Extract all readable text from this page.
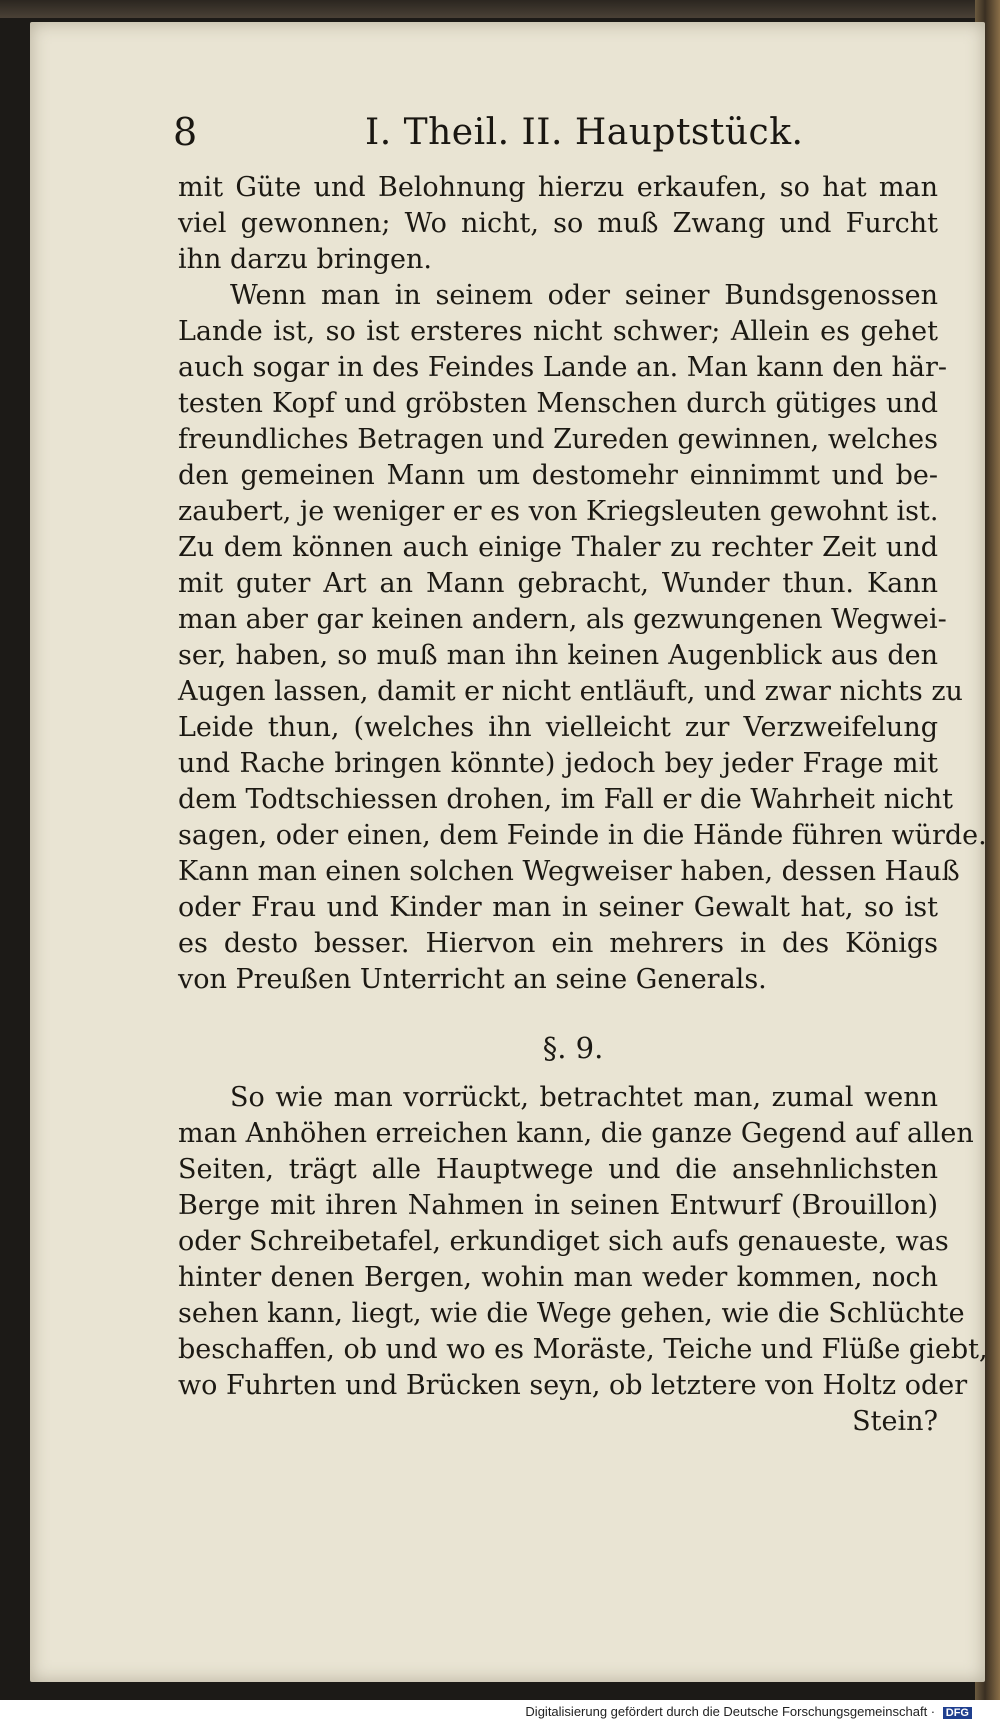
8	I. Theil. II. Hauptstück.
mit Güte und Belohnung hierzu erkaufen, so hat man
viel gewonnen; Wo nicht, so muß Zwang und Furcht
ihn darzu bringen.
Wenn man in seinem oder seiner Bundsgenossen
Lande ist, so ist ersteres nicht schwer; Allein es gehet
auch sogar in des Feindes Lande an. Man kann den här-
testen Kopf und gröbsten Menschen durch gütiges und
freundliches Betragen und Zureden gewinnen, welches
den gemeinen Mann um destomehr einnimmt und be-
zaubert, je weniger er es von Kriegsleuten gewohnt ist.
Zu dem können auch einige Thaler zu rechter Zeit und
mit guter Art an Mann gebracht, Wunder thun. Kann
man aber gar keinen andern, als gezwungenen Wegwei-
ser, haben, so muß man ihn keinen Augenblick aus den
Augen lassen, damit er nicht entläuft, und zwar nichts zu
Leide thun, (welches ihn vielleicht zur Verzweifelung
und Rache bringen könnte) jedoch bey jeder Frage mit
dem Todtschiessen drohen, im Fall er die Wahrheit nicht
sagen, oder einen, dem Feinde in die Hände führen würde.
Kann man einen solchen Wegweiser haben, dessen Hauß
oder Frau und Kinder man in seiner Gewalt hat, so ist
es desto besser. Hiervon ein mehrers in des Königs
von Preußen Unterricht an seine Generals.
§. 9.
So wie man vorrückt, betrachtet man, zumal wenn
man Anhöhen erreichen kann, die ganze Gegend auf allen
Seiten, trägt alle Hauptwege und die ansehnlichsten
Berge mit ihren Nahmen in seinen Entwurf (Brouillon)
oder Schreibetafel, erkundiget sich aufs genaueste, was
hinter denen Bergen, wohin man weder kommen, noch
sehen kann, liegt, wie die Wege gehen, wie die Schlüchte
beschaffen, ob und wo es Moräste, Teiche und Flüße giebt,
wo Fuhrten und Brücken seyn, ob letztere von Holtz oder
Stein?
Digitalisierung gefördert durch die Deutsche Forschungsgemeinschaft · DFG
